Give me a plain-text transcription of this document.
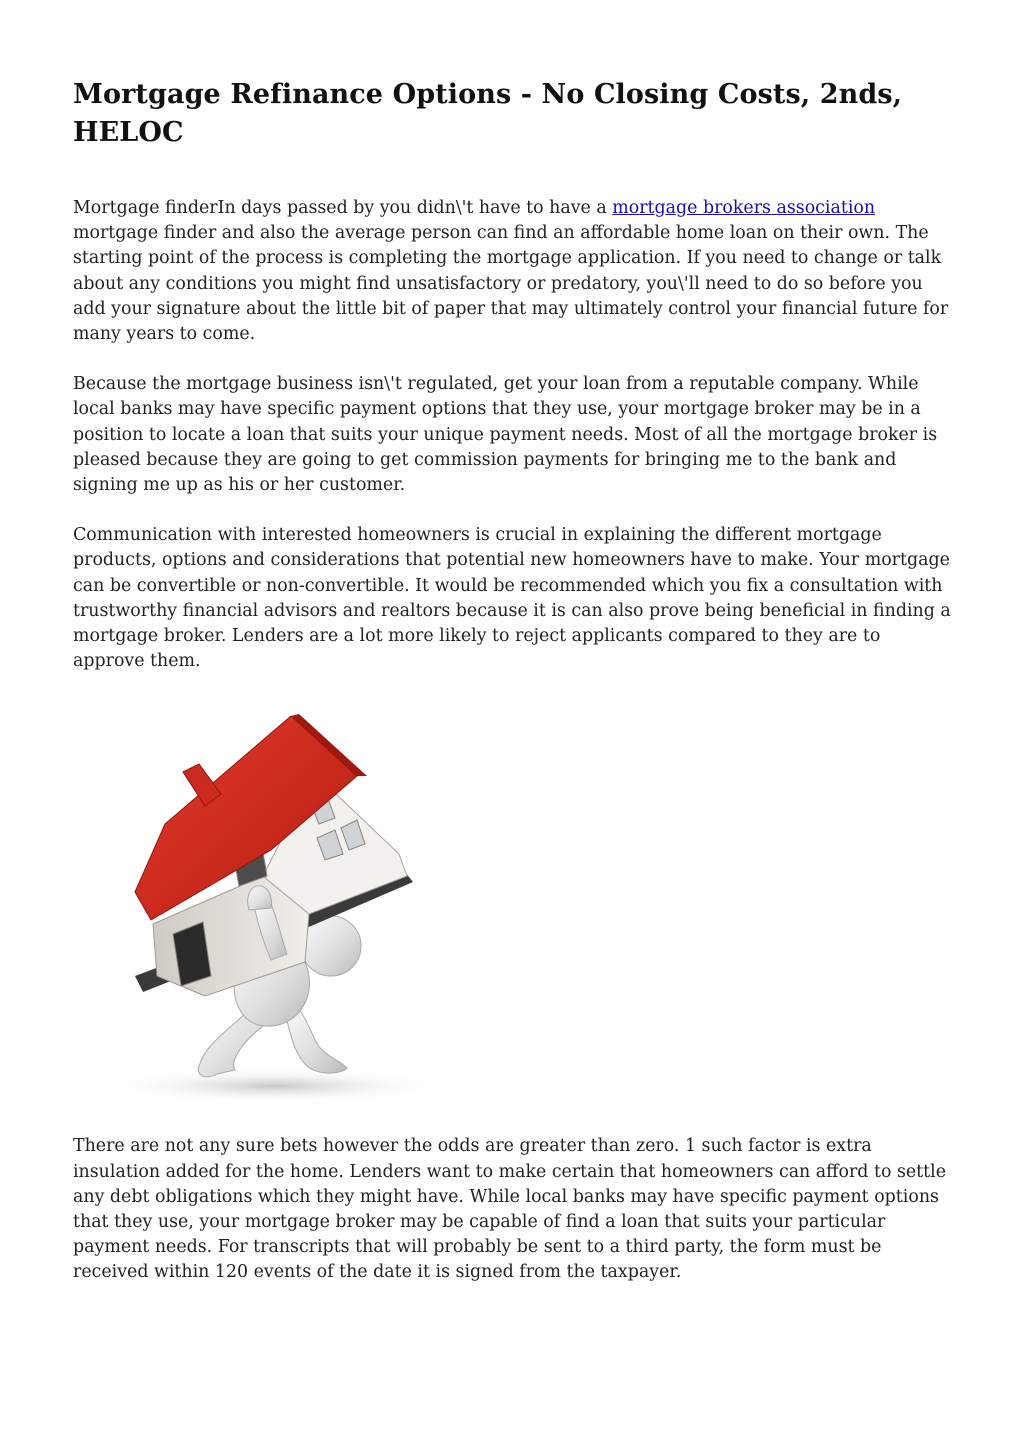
Mortgage Refinance Options - No Closing Costs, 2nds, HELOC

Mortgage finderIn days passed by you didn\'t have to have a mortgage brokers association mortgage finder and also the average person can find an affordable home loan on their own. The starting point of the process is completing the mortgage application. If you need to change or talk about any conditions you might find unsatisfactory or predatory, you\'ll need to do so before you add your signature about the little bit of paper that may ultimately control your financial future for many years to come.

Because the mortgage business isn\'t regulated, get your loan from a reputable company. While local banks may have specific payment options that they use, your mortgage broker may be in a position to locate a loan that suits your unique payment needs. Most of all the mortgage broker is pleased because they are going to get commission payments for bringing me to the bank and signing me up as his or her customer.

Communication with interested homeowners is crucial in explaining the different mortgage products, options and considerations that potential new homeowners have to make. Your mortgage can be convertible or non-convertible. It would be recommended which you fix a consultation with trustworthy financial advisors and realtors because it is can also prove being beneficial in finding a mortgage broker. Lenders are a lot more likely to reject applicants compared to they are to approve them.

There are not any sure bets however the odds are greater than zero. 1 such factor is extra insulation added for the home. Lenders want to make certain that homeowners can afford to settle any debt obligations which they might have. While local banks may have specific payment options that they use, your mortgage broker may be capable of find a loan that suits your particular payment needs. For transcripts that will probably be sent to a third party, the form must be received within 120 events of the date it is signed from the taxpayer.
